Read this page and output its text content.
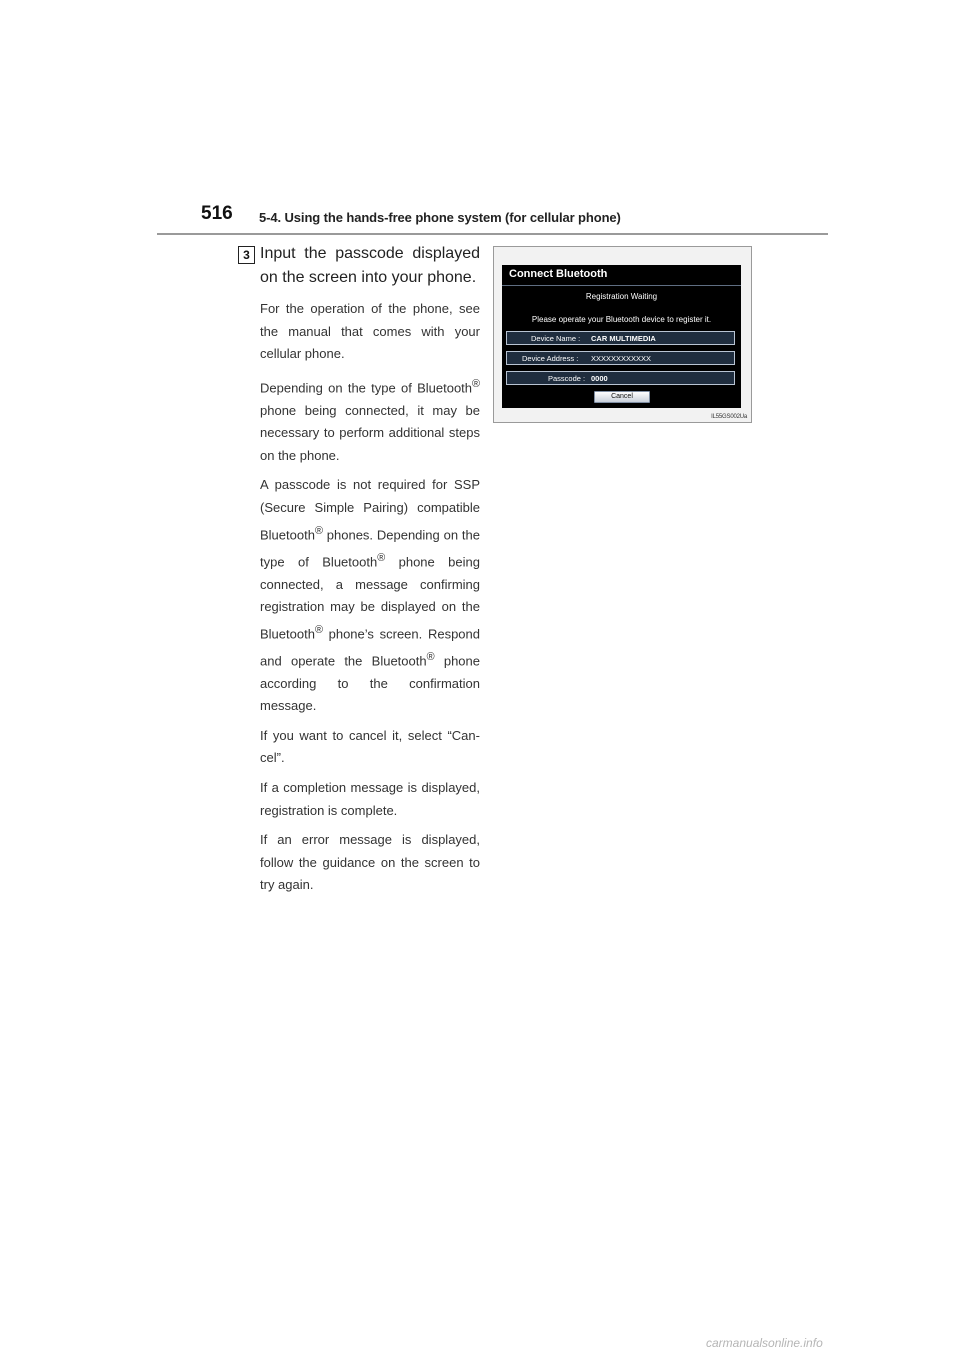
516 5-4. Using the hands-free phone system (for cellular phone)
3 Input the passcode displayed on the screen into your phone.

For the operation of the phone, see the manual that comes with your cellular phone.

Depending on the type of Bluetooth® phone being connected, it may be necessary to perform additional steps on the phone.

A passcode is not required for SSP (Secure Simple Pairing) compatible Bluetooth® phones. Depending on the type of Bluetooth® phone being connected, a message confirming registration may be displayed on the Bluetooth® phone’s screen. Respond and operate the Bluetooth® phone according to the confirmation message.

If you want to cancel it, select “Cancel”.

If a completion message is displayed, registration is complete.

If an error message is displayed, follow the guidance on the screen to try again.

Connect Bluetooth
Registration Waiting
Please operate your Bluetooth device to register it.
Device Name : CAR MULTIMEDIA
Device Address : XXXXXXXXXXXX
Passcode : 0000
Cancel
IL55GS002Ua
carmanualsonline.info
